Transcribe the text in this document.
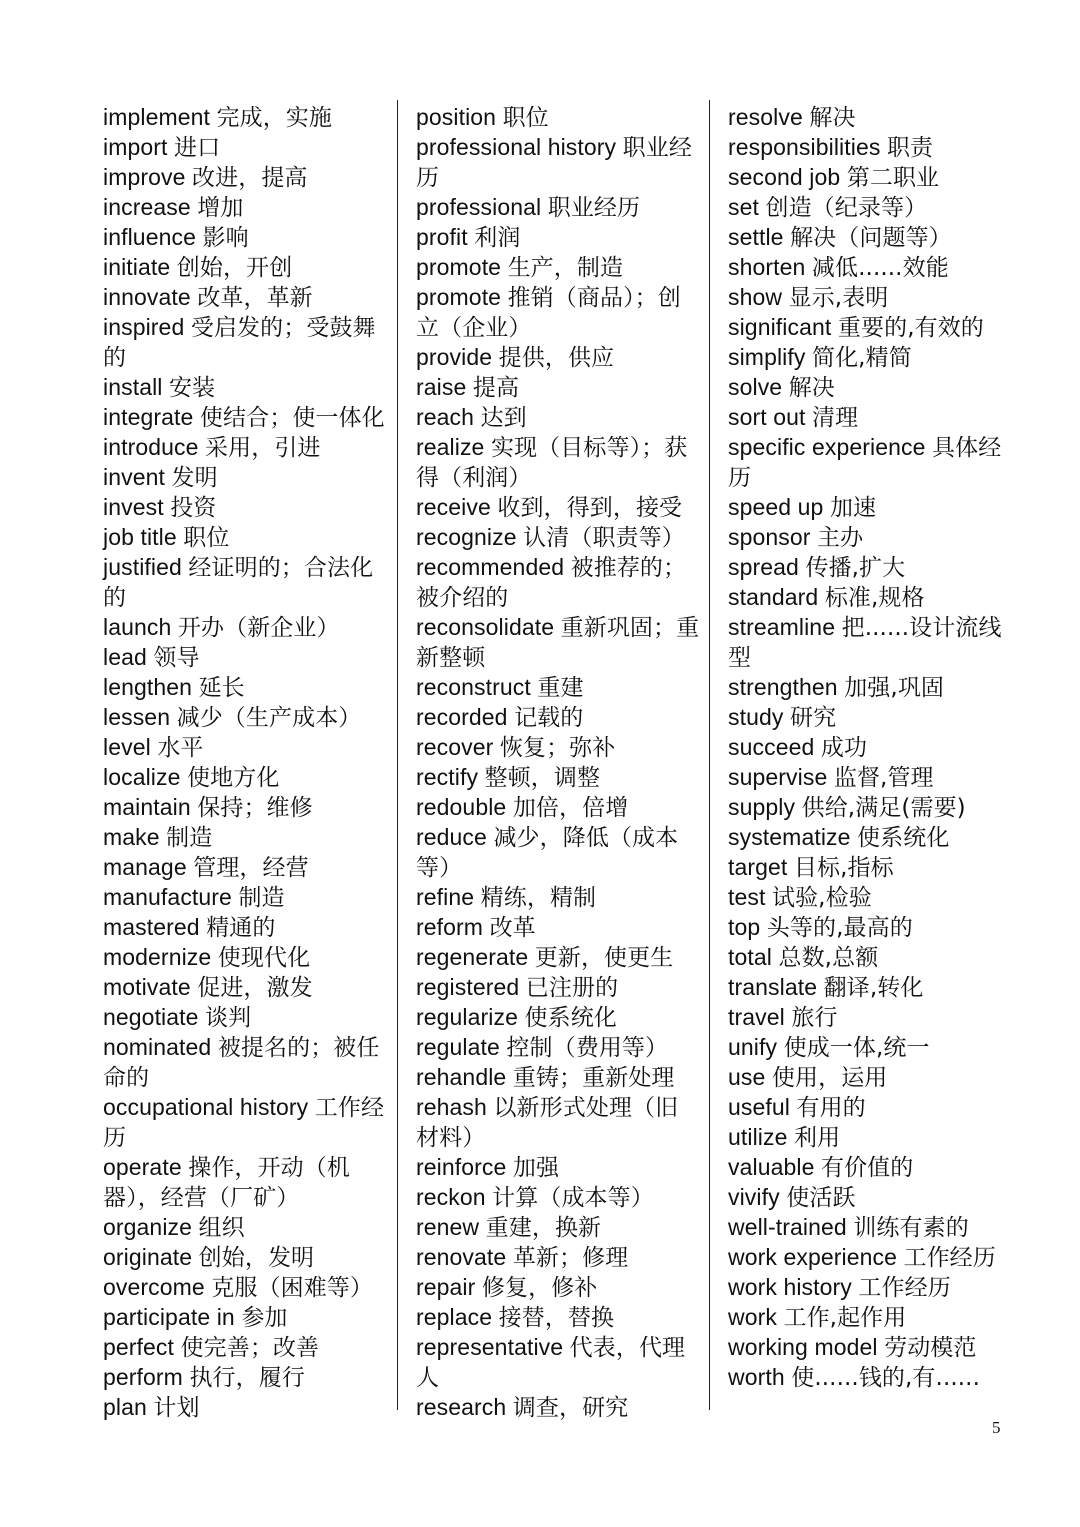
implement 完成，实施
import 进口
improve 改进，提高
increase 增加
influence 影响
initiate 创始，开创
innovate 改革，革新
inspired 受启发的；受鼓舞的
install 安装
integrate 使结合；使一体化
introduce 采用，引进
invent 发明
invest 投资
job title 职位
justified 经证明的；合法化的
launch 开办（新企业）
lead 领导
lengthen 延长
lessen 减少（生产成本）
level 水平
localize 使地方化
maintain 保持；维修
make 制造
manage 管理，经营
manufacture 制造
mastered 精通的
modernize 使现代化
motivate 促进，激发
negotiate 谈判
nominated 被提名的；被任命的
occupational history 工作经历
operate 操作，开动（机器），经营（厂矿）
organize 组织
originate 创始，发明
overcome 克服（困难等）
participate in 参加
perfect 使完善；改善
perform 执行，履行
plan 计划
position 职位
professional history 职业经历
professional 职业经历
profit 利润
promote 生产，制造
promote 推销（商品）；创立（企业）
provide 提供，供应
raise 提高
reach 达到
realize 实现（目标等）；获得（利润）
receive 收到，得到，接受
recognize 认清（职责等）
recommended 被推荐的；被介绍的
reconsolidate 重新巩固；重新整顿
reconstruct 重建
recorded 记载的
recover 恢复；弥补
rectify 整顿，调整
redouble 加倍，倍增
reduce 减少，降低（成本等）
refine 精练，精制
reform 改革
regenerate 更新，使更生
registered 已注册的
regularize 使系统化
regulate 控制（费用等）
rehandle 重铸；重新处理
rehash 以新形式处理（旧材料）
reinforce 加强
reckon 计算（成本等）
renew 重建，换新
renovate 革新；修理
repair 修复，修补
replace 接替，替换
representative 代表，代理人
research 调查，研究
resolve 解决
responsibilities 职责
second job 第二职业
set 创造（纪录等）
settle 解决（问题等）
shorten 减低......效能
show 显示,表明
significant 重要的,有效的
simplify 简化,精简
solve 解决
sort out 清理
specific experience 具体经历
speed up 加速
sponsor 主办
spread 传播,扩大
standard 标准,规格
streamline 把......设计流线型
strengthen 加强,巩固
study 研究
succeed 成功
supervise 监督,管理
supply 供给,满足(需要)
systematize 使系统化
target 目标,指标
test 试验,检验
top 头等的,最高的
total 总数,总额
translate 翻译,转化
travel 旅行
unify 使成一体,统一
use 使用，运用
useful 有用的
utilize 利用
valuable 有价值的
vivify 使活跃
well-trained 训练有素的
work experience 工作经历
work history 工作经历
work 工作,起作用
working model 劳动模范
worth 使......钱的,有......
5
